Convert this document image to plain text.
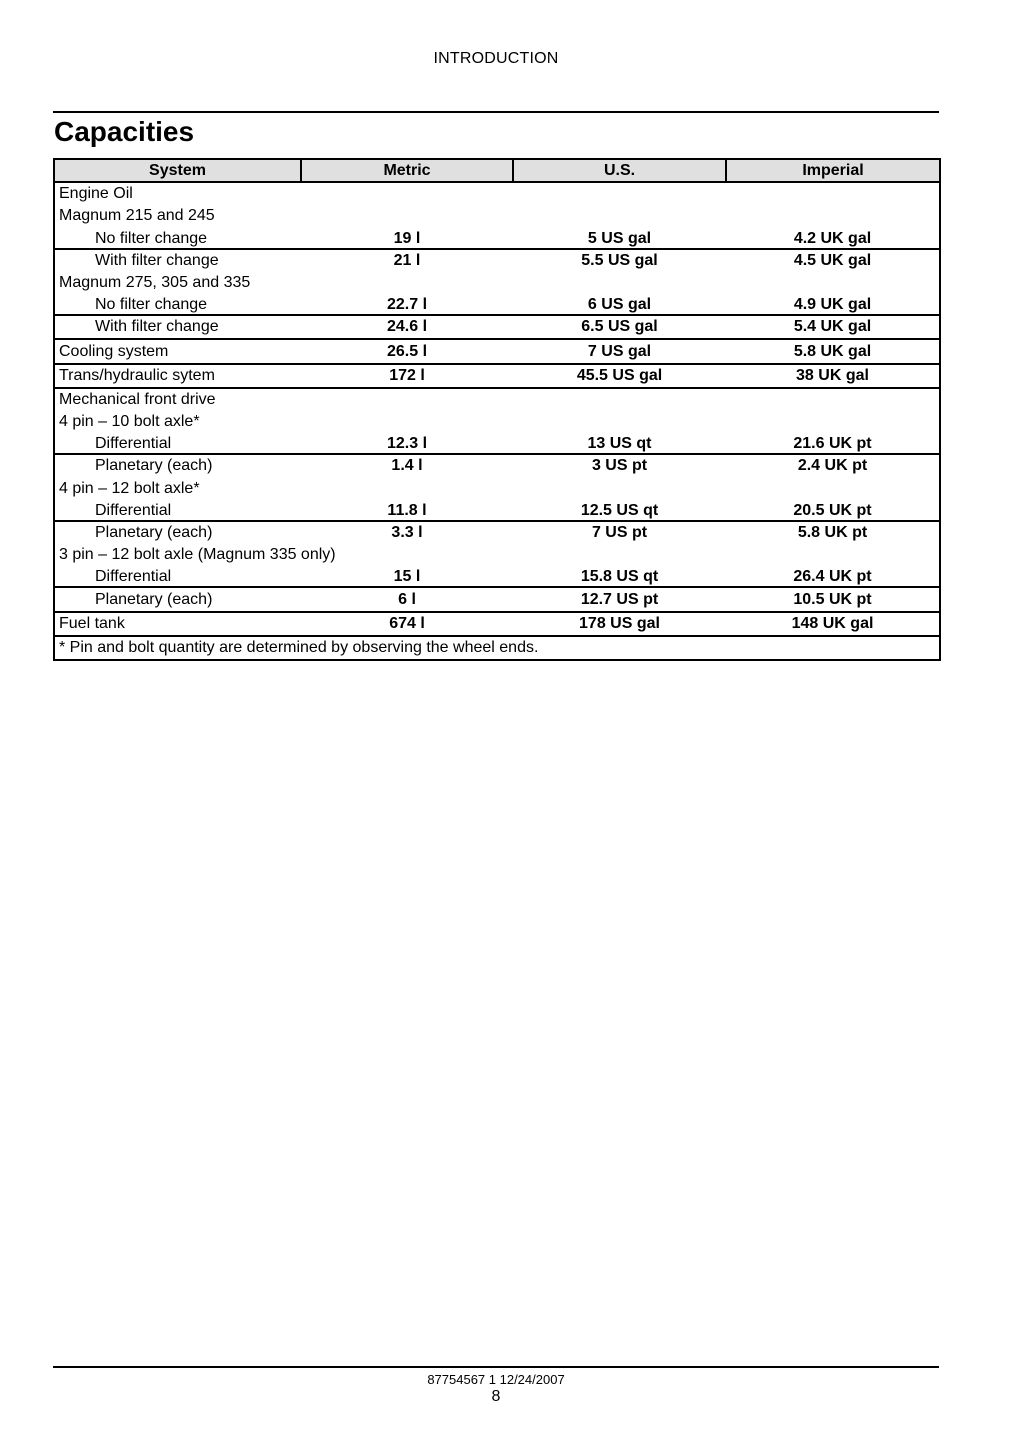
INTRODUCTION
Capacities
System	Metric	U.S.	Imperial
Engine Oil			
Magnum 215 and 245			
No filter change	19 l	5 US gal	4.2 UK gal
With filter change	21 l	5.5 US gal	4.5 UK gal
Magnum 275, 305 and 335			
No filter change	22.7 l	6 US gal	4.9 UK gal
With filter change	24.6 l	6.5 US gal	5.4 UK gal
Cooling system	26.5 l	7 US gal	5.8 UK gal
Trans/hydraulic sytem	172 l	45.5 US gal	38 UK gal
Mechanical front drive			
4 pin – 10 bolt axle*			
Differential	12.3 l	13 US qt	21.6 UK pt
Planetary (each)	1.4 l	3 US pt	2.4 UK pt
4 pin – 12 bolt axle*			
Differential	11.8 l	12.5 US qt	20.5 UK pt
Planetary (each)	3.3 l	7 US pt	5.8 UK pt
3 pin – 12 bolt axle (Magnum 335 only)			
Differential	15 l	15.8 US qt	26.4 UK pt
Planetary (each)	6 l	12.7 US pt	10.5 UK pt
Fuel tank	674 l	178 US gal	148 UK gal
* Pin and bolt quantity are determined by observing the wheel ends.			
87754567 1 12/24/2007
8
